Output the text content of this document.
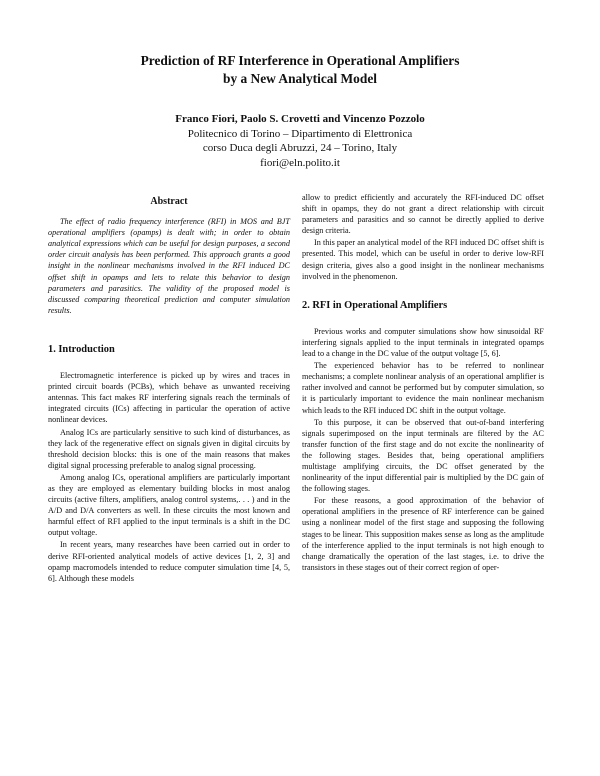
Prediction of RF Interference in Operational Amplifiers
by a New Analytical Model
Franco Fiori, Paolo S. Crovetti and Vincenzo Pozzolo
Politecnico di Torino – Dipartimento di Elettronica
corso Duca degli Abruzzi, 24 – Torino, Italy
fiori@eln.polito.it
Abstract

The effect of radio frequency interference (RFI) in MOS and BJT operational amplifiers (opamps) is dealt with; in order to obtain analytical expressions which can be useful for design purposes, a second order circuit analysis has been performed. This approach grants a good insight in the nonlinear mechanisms involved in the RFI induced DC offset shift in opamps and lets to relate this behavior to design parameters and parasitics. The validity of the proposed model is discussed comparing theoretical prediction and computer simulation results.

1. Introduction

Electromagnetic interference is picked up by wires and traces in printed circuit boards (PCBs), which behave as unwanted receiving antennas. This fact makes RF interfering signals reach the terminals of integrated circuits (ICs) affecting in particular the operation of active nonlinear devices.

Analog ICs are particularly sensitive to such kind of disturbances, as they lack of the regenerative effect on signals given in digital circuits by threshold decision blocks: this is one of the main reasons that makes digital signal processing preferable to analog signal processing.

Among analog ICs, operational amplifiers are particularly important as they are employed as elementary building blocks in most analog circuits (active filters, amplifiers, analog control systems,. . . ) and in the A/D and D/A converters as well. In these circuits the most known and harmful effect of RFI applied to the input terminals is a shift in the DC output voltage.

In recent years, many researches have been carried out in order to derive RFI-oriented analytical models of active devices [1, 2, 3] and opamp macromodels intended to reduce computer simulation time [4, 5, 6]. Although these models

allow to predict efficiently and accurately the RFI-induced DC offset shift in opamps, they do not grant a direct relationship with circuit parameters and parasitics and so cannot be directly applied to derive design criteria.

In this paper an analytical model of the RFI induced DC offset shift is presented. This model, which can be useful in order to derive low-RFI design criteria, gives also a good insight in the nonlinear mechanisms involved in the phenomenon.

2. RFI in Operational Amplifiers

Previous works and computer simulations show how sinusoidal RF interfering signals applied to the input terminals in integrated opamps lead to a change in the DC value of the output voltage [5, 6].

The experienced behavior has to be referred to nonlinear mechanisms; a complete nonlinear analysis of an operational amplifier is rather involved and cannot be performed but by computer simulation, so it is particularly important to evidence the main nonlinear mechanism which leads to the RFI induced DC shift in the output voltage.

To this purpose, it can be observed that out-of-band interfering signals superimposed on the input terminals are filtered by the AC transfer function of the first stage and do not excite the nonlinearity of the following stages. Besides that, being operational amplifiers multistage amplifying circuits, the DC offset generated by the nonlinearity of the input differential pair is multiplied by the DC gain of the following stages.

For these reasons, a good approximation of the behavior of operational amplifiers in the presence of RF interference can be gained using a nonlinear model of the first stage and supposing the following stages to be linear. This supposition makes sense as long as the amplitude of the interference applied to the input terminals is not high enough to change dramatically the operation of the last stages, i.e. to drive the transistors in these stages out of their correct region of oper-
